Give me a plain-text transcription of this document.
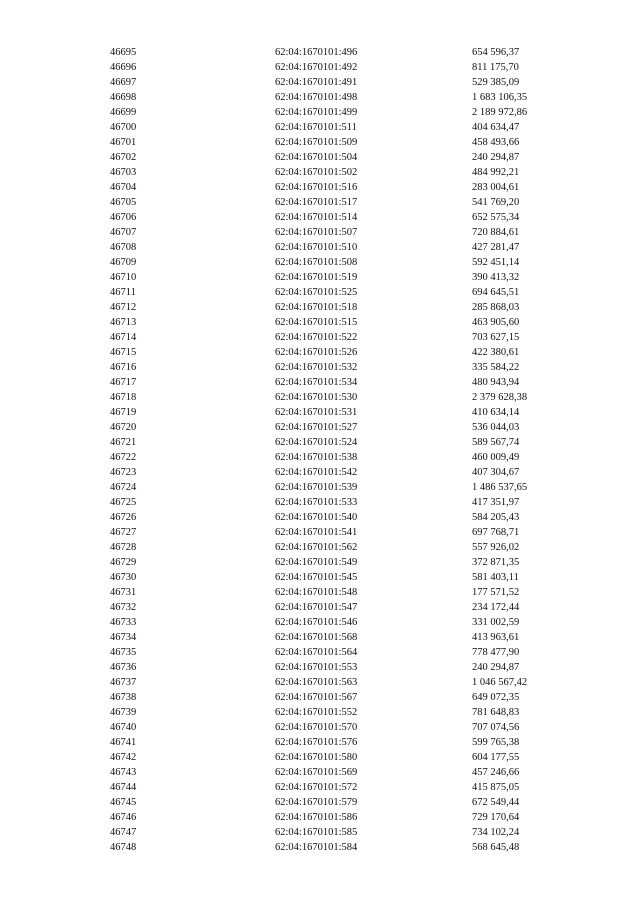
46695	62:04:1670101:496	654 596,37
46696	62:04:1670101:492	811 175,70
46697	62:04:1670101:491	529 385,09
46698	62:04:1670101:498	1 683 106,35
46699	62:04:1670101:499	2 189 972,86
46700	62:04:1670101:511	404 634,47
46701	62:04:1670101:509	458 493,66
46702	62:04:1670101:504	240 294,87
46703	62:04:1670101:502	484 992,21
46704	62:04:1670101:516	283 004,61
46705	62:04:1670101:517	541 769,20
46706	62:04:1670101:514	652 575,34
46707	62:04:1670101:507	720 884,61
46708	62:04:1670101:510	427 281,47
46709	62:04:1670101:508	592 451,14
46710	62:04:1670101:519	390 413,32
46711	62:04:1670101:525	694 645,51
46712	62:04:1670101:518	285 868,03
46713	62:04:1670101:515	463 905,60
46714	62:04:1670101:522	703 627,15
46715	62:04:1670101:526	422 380,61
46716	62:04:1670101:532	335 584,22
46717	62:04:1670101:534	480 943,94
46718	62:04:1670101:530	2 379 628,38
46719	62:04:1670101:531	410 634,14
46720	62:04:1670101:527	536 044,03
46721	62:04:1670101:524	589 567,74
46722	62:04:1670101:538	460 009,49
46723	62:04:1670101:542	407 304,67
46724	62:04:1670101:539	1 486 537,65
46725	62:04:1670101:533	417 351,97
46726	62:04:1670101:540	584 205,43
46727	62:04:1670101:541	697 768,71
46728	62:04:1670101:562	557 926,02
46729	62:04:1670101:549	372 871,35
46730	62:04:1670101:545	581 403,11
46731	62:04:1670101:548	177 571,52
46732	62:04:1670101:547	234 172,44
46733	62:04:1670101:546	331 002,59
46734	62:04:1670101:568	413 963,61
46735	62:04:1670101:564	778 477,90
46736	62:04:1670101:553	240 294,87
46737	62:04:1670101:563	1 046 567,42
46738	62:04:1670101:567	649 072,35
46739	62:04:1670101:552	781 648,83
46740	62:04:1670101:570	707 074,56
46741	62:04:1670101:576	599 765,38
46742	62:04:1670101:580	604 177,55
46743	62:04:1670101:569	457 246,66
46744	62:04:1670101:572	415 875,05
46745	62:04:1670101:579	672 549,44
46746	62:04:1670101:586	729 170,64
46747	62:04:1670101:585	734 102,24
46748	62:04:1670101:584	568 645,48
